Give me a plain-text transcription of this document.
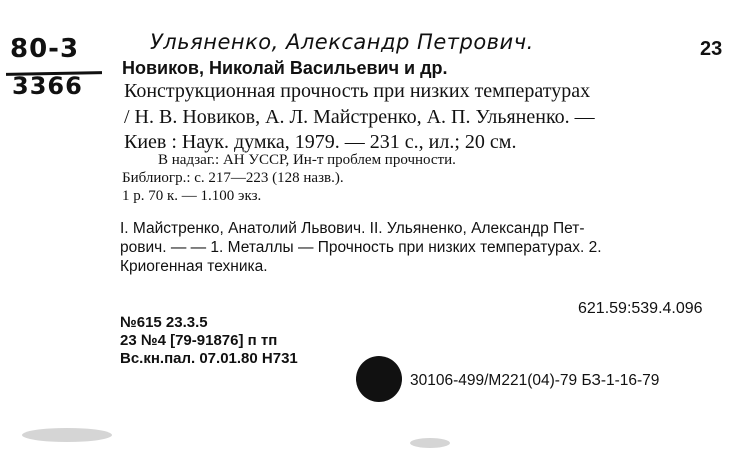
80-3
3366
Ульяненко, Александр Петрович.	23
Новиков, Николай Васильевич и др.
Конструкционная прочность при низких температурах
/ Н. В. Новиков, А. Л. Майстренко, А. П. Ульяненко. —
Киев : Наук. думка, 1979. — 231 с., ил.; 20 см.
В надзаг.: АН УССР, Ин-т проблем прочности.
Библиогр.: с. 217—223 (128 назв.).
1 р. 70 к. — 1.100 экз.
I. Майстренко, Анатолий Львович. II. Ульяненко, Александр Пет-
рович. — — 1. Металлы — Прочность при низких температурах. 2.
Криогенная техника.
621.59:539.4.096
№615 23.3.5
23 №4 [79-91876] п тп
Вс.кн.пал. 07.01.80 H731
30106-499/М221(04)-79 БЗ-1-16-79
